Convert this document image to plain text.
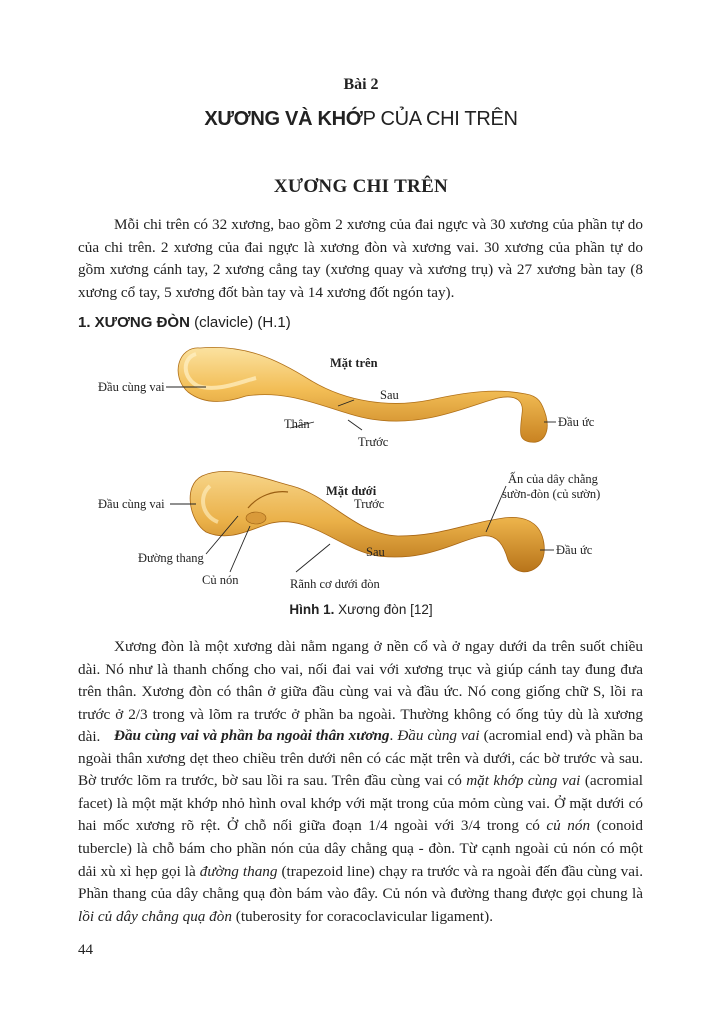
Bài 2
XƯƠNG VÀ KHỚP CỦA CHI TRÊN
XƯƠNG CHI TRÊN
Mỗi chi trên có 32 xương, bao gồm 2 xương của đai ngực và 30 xương của phần tự do của chi trên. 2 xương của đai ngực là xương đòn và xương vai. 30 xương của phần tự do gồm xương cánh tay, 2 xương cẳng tay (xương quay và xương trụ) và 27 xương bàn tay (8 xương cổ tay, 5 xương đốt bàn tay và 14 xương đốt ngón tay).
1. XƯƠNG ĐÒN (clavicle) (H.1)
Mặt trên
Đầu cùng vai
Sau
Thân
Trước
Đầu ức
Mặt dưới
Trước
Ấn của dây chằng
sườn-đòn (củ sườn)
Đầu cùng vai
Đường thang	Sau	Đầu ức
Củ nón	Rãnh cơ dưới đòn
Hình 1. Xương đòn [12]
Xương đòn là một xương dài nằm ngang ở nền cổ và ở ngay dưới da trên suốt chiều dài. Nó như là thanh chống cho vai, nối đai vai với xương trục và giúp cánh tay đung đưa trên thân. Xương đòn có thân ở giữa đầu cùng vai và đầu ức. Nó cong giống chữ S, lồi ra trước ở 2/3 trong và lõm ra trước ở phần ba ngoài. Thường không có ống tủy dù là xương dài. Đầu cùng vai và phần ba ngoài thân xương. Đầu cùng vai (acromial end) và phần ba ngoài thân xương dẹt theo chiều trên dưới nên có các mặt trên và dưới, các bờ trước và sau. Bờ trước lõm ra trước, bờ sau lồi ra sau. Trên đầu cùng vai có mặt khớp cùng vai (acromial facet) là một mặt khớp nhỏ hình oval khớp với mặt trong của mỏm cùng vai. Ở mặt dưới có hai mốc xương rõ rệt. Ở chỗ nối giữa đoạn 1/4 ngoài với 3/4 trong có củ nón (conoid tubercle) là chỗ bám cho phần nón của dây chằng quạ - đòn. Từ cạnh ngoài củ nón có một dải xù xì hẹp gọi là đường thang (trapezoid line) chạy ra trước và ra ngoài đến đầu cùng vai. Phần thang của dây chằng quạ đòn bám vào đây. Củ nón và đường thang được gọi chung là lồi củ dây chằng quạ đòn (tuberosity for coracoclavicular ligament).
44
